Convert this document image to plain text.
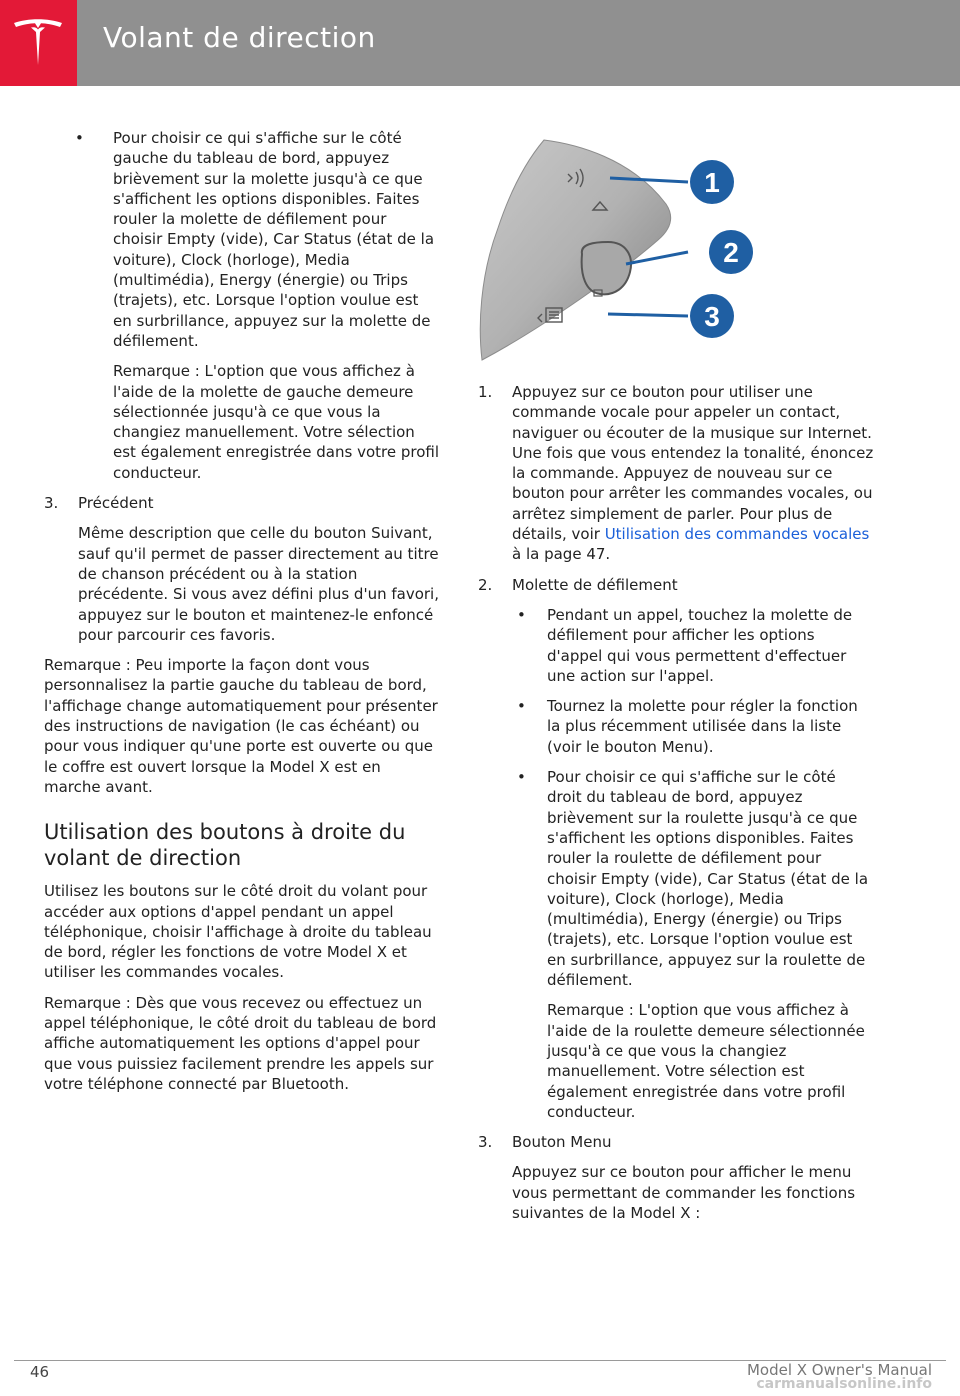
Volant de direction
• Pour choisir ce qui s'affiche sur le côté gauche du tableau de bord, appuyez brièvement sur la molette jusqu'à ce que s'affichent les options disponibles. Faites rouler la molette de défilement pour choisir Empty (vide), Car Status (état de la voiture), Clock (horloge), Media (multimédia), Energy (énergie) ou Trips (trajets), etc. Lorsque l'option voulue est en surbrillance, appuyez sur la molette de défilement.

Remarque : L'option que vous affichez à l'aide de la molette de gauche demeure sélectionnée jusqu'à ce que vous la changiez manuellement. Votre sélection est également enregistrée dans votre profil conducteur.

3. Précédent

Même description que celle du bouton Suivant, sauf qu'il permet de passer directement au titre de chanson précédent ou à la station précédente. Si vous avez défini plus d'un favori, appuyez sur le bouton et maintenez-le enfoncé pour parcourir ces favoris.

Remarque : Peu importe la façon dont vous personnalisez la partie gauche du tableau de bord, l'affichage change automatiquement pour présenter des instructions de navigation (le cas échéant) ou pour vous indiquer qu'une porte est ouverte ou que le coffre est ouvert lorsque la Model X est en marche avant.

Utilisation des boutons à droite du volant de direction

Utilisez les boutons sur le côté droit du volant pour accéder aux options d'appel pendant un appel téléphonique, choisir l'affichage à droite du tableau de bord, régler les fonctions de votre Model X et utiliser les commandes vocales.

Remarque : Dès que vous recevez ou effectuez un appel téléphonique, le côté droit du tableau de bord affiche automatiquement les options d'appel pour que vous puissiez facilement prendre les appels sur votre téléphone connecté par Bluetooth.

1
2
3
1. Appuyez sur ce bouton pour utiliser une commande vocale pour appeler un contact, naviguer ou écouter de la musique sur Internet. Une fois que vous entendez la tonalité, énoncez la commande. Appuyez de nouveau sur ce bouton pour arrêter les commandes vocales, ou arrêtez simplement de parler. Pour plus de détails, voir Utilisation des commandes vocales à la page 47.
2. Molette de défilement
• Pendant un appel, touchez la molette de défilement pour afficher les options d'appel qui vous permettent d'effectuer une action sur l'appel.
• Tournez la molette pour régler la fonction la plus récemment utilisée dans la liste (voir le bouton Menu).
• Pour choisir ce qui s'affiche sur le côté droit du tableau de bord, appuyez brièvement sur la roulette jusqu'à ce que s'affichent les options disponibles. Faites rouler la roulette de défilement pour choisir Empty (vide), Car Status (état de la voiture), Clock (horloge), Media (multimédia), Energy (énergie) ou Trips (trajets), etc. Lorsque l'option voulue est en surbrillance, appuyez sur la roulette de défilement.

Remarque : L'option que vous affichez à l'aide de la roulette demeure sélectionnée jusqu'à ce que vous la changiez manuellement. Votre sélection est également enregistrée dans votre profil conducteur.

3. Bouton Menu

Appuyez sur ce bouton pour afficher le menu vous permettant de commander les fonctions suivantes de la Model X :

46	Model X Owner's Manual
carmanualsonline.info
